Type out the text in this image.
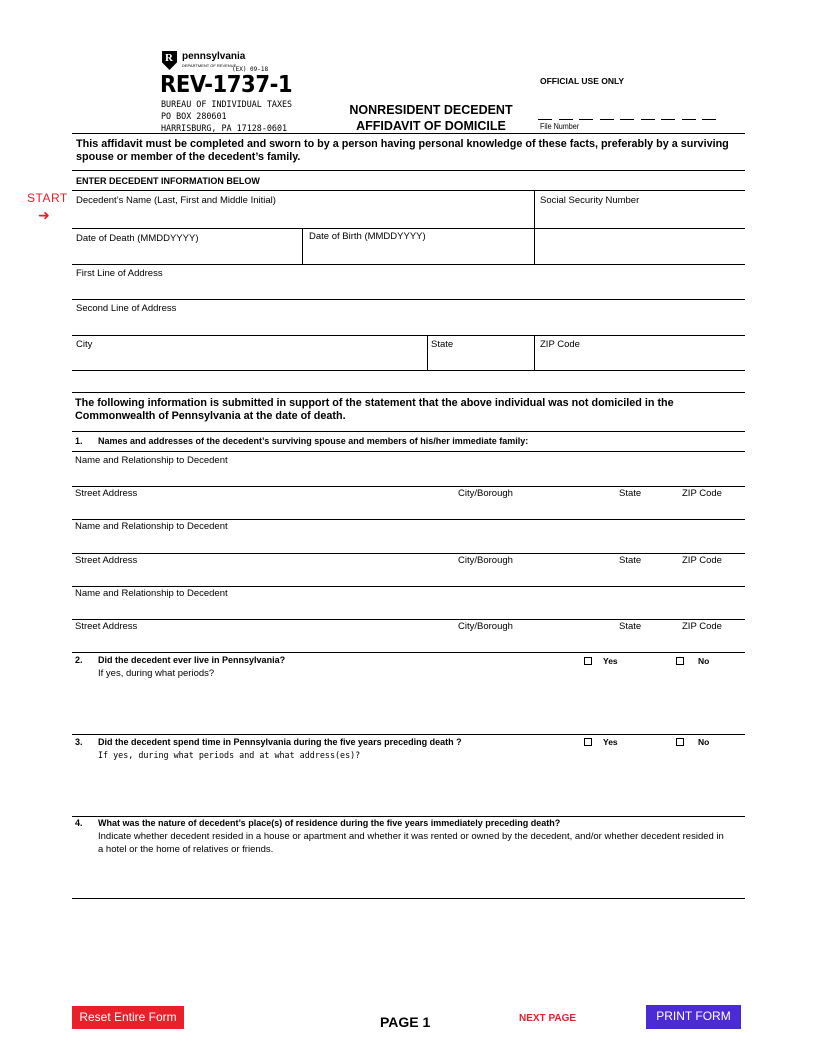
R pennsylvania
DEPARTMENT OF REVENUE
(EX) 09-18
REV-1737-1
BUREAU OF INDIVIDUAL TAXES
PO BOX 280601
HARRISBURG, PA 17128-0601
NONRESIDENT DECEDENT
AFFIDAVIT OF DOMICILE
OFFICIAL USE ONLY
File Number
This affidavit must be completed and sworn to by a person having personal knowledge of these facts, preferably by a surviving spouse or member of the decedent’s family.
ENTER DECEDENT INFORMATION BELOW
START
➜
Decedent’s Name (Last, First and Middle Initial)	Social Security Number
Date of Death (MMDDYYYY)	Date of Birth (MMDDYYYY)
First Line of Address
Second Line of Address
City	State	ZIP Code
The following information is submitted in support of the statement that the above individual was not domiciled in the Commonwealth of Pennsylvania at the date of death.
1. Names and addresses of the decedent’s surviving spouse and members of his/her immediate family:
Name and Relationship to Decedent
Street Address	City/Borough	State	ZIP Code
Name and Relationship to Decedent
Street Address	City/Borough	State	ZIP Code
Name and Relationship to Decedent
Street Address	City/Borough	State	ZIP Code
2. Did the decedent ever live in Pennsylvania?
If yes, during what periods?
Yes	No
3. Did the decedent spend time in Pennsylvania during the five years preceding death ?
If yes, during what periods and at what address(es)?
Yes	No
4. What was the nature of decedent’s place(s) of residence during the five years immediately preceding death?
Indicate whether decedent resided in a house or apartment and whether it was rented or owned by the decedent, and/or whether decedent resided in a hotel or the home of relatives or friends.
Reset Entire Form	PAGE 1	NEXT PAGE	PRINT FORM
